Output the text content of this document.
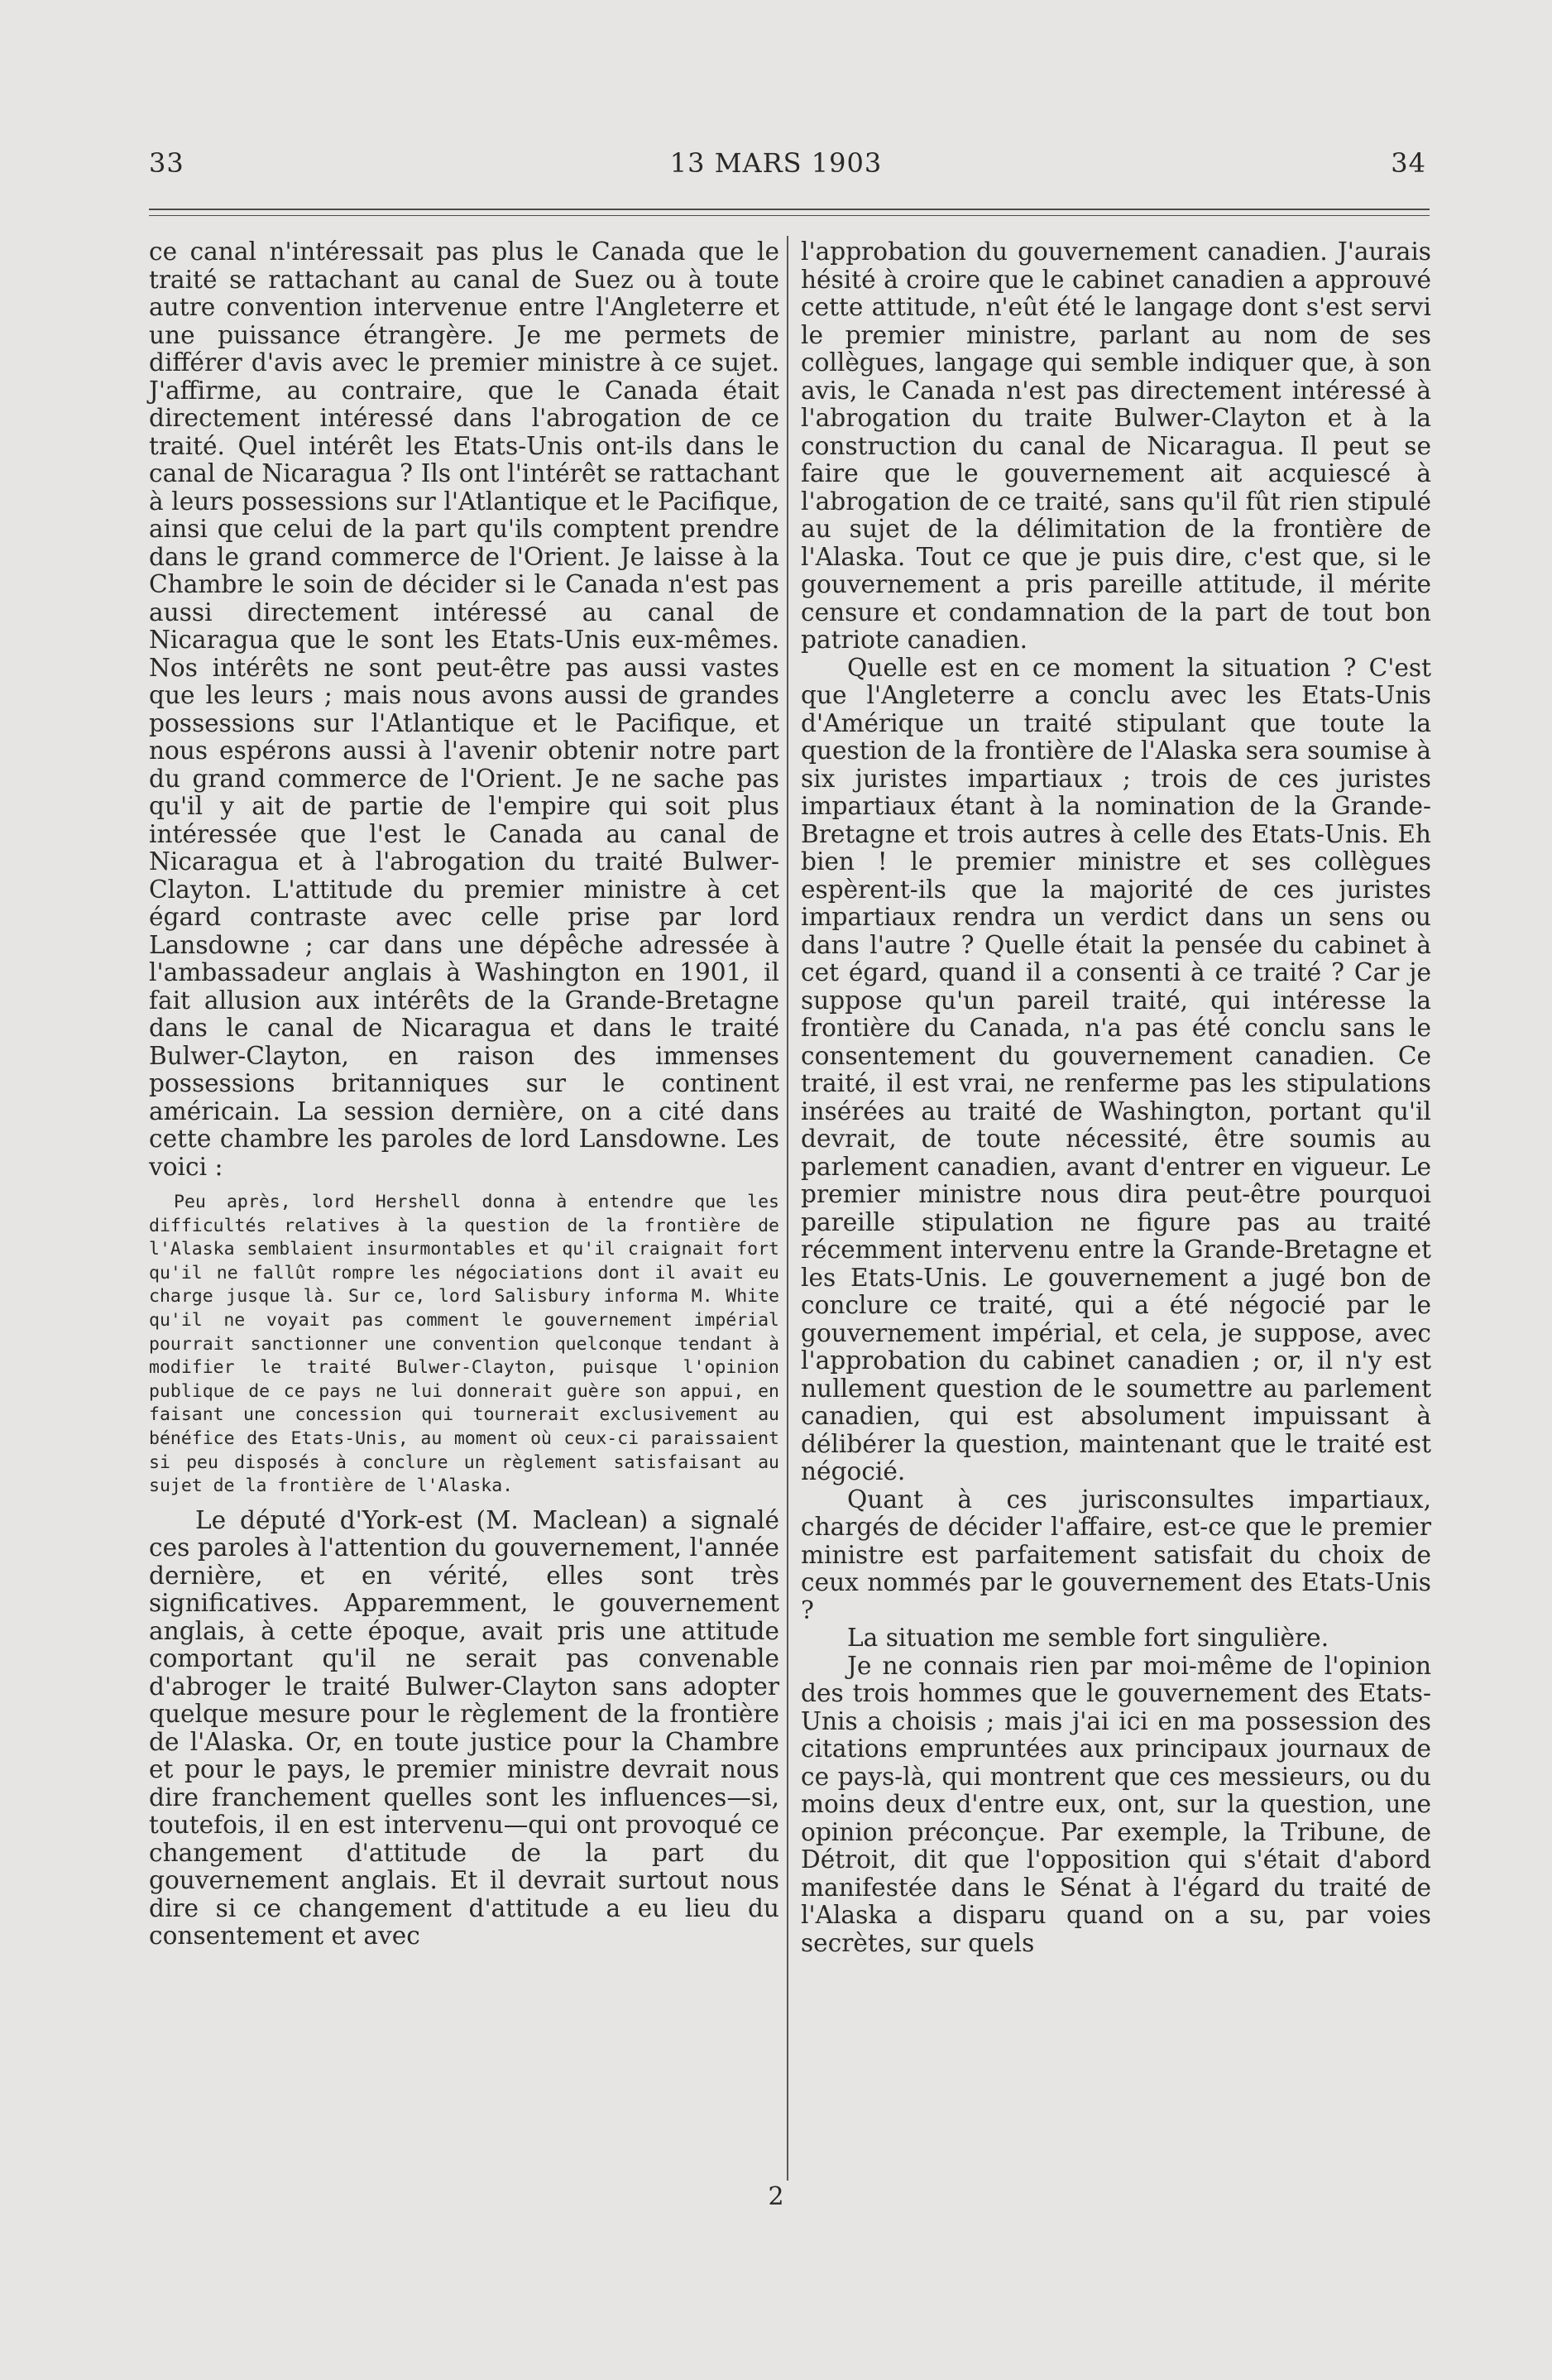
33	13 MARS 1903	34

ce canal n'intéressait pas plus le Canada que le traité se rattachant au canal de Suez ou à toute autre convention intervenue entre l'Angleterre et une puissance étrangère. Je me permets de différer d'avis avec le premier ministre à ce sujet. J'affirme, au contraire, que le Canada était directement intéressé dans l'abrogation de ce traité. Quel intérêt les Etats-Unis ont-ils dans le canal de Nicaragua ? Ils ont l'intérêt se rattachant à leurs possessions sur l'Atlantique et le Pacifique, ainsi que celui de la part qu'ils comptent prendre dans le grand commerce de l'Orient. Je laisse à la Chambre le soin de décider si le Canada n'est pas aussi directement intéressé au canal de Nicaragua que le sont les Etats-Unis eux-mêmes. Nos intérêts ne sont peut-être pas aussi vastes que les leurs ; mais nous avons aussi de grandes possessions sur l'Atlantique et le Pacifique, et nous espérons aussi à l'avenir obtenir notre part du grand commerce de l'Orient. Je ne sache pas qu'il y ait de partie de l'empire qui soit plus intéressée que l'est le Canada au canal de Nicaragua et à l'abrogation du traité Bulwer-Clayton. L'attitude du premier ministre à cet égard contraste avec celle prise par lord Lansdowne ; car dans une dépêche adressée à l'ambassadeur anglais à Washington en 1901, il fait allusion aux intérêts de la Grande-Bretagne dans le canal de Nicaragua et dans le traité Bulwer-Clayton, en raison des immenses possessions britanniques sur le continent américain. La session dernière, on a cité dans cette chambre les paroles de lord Lansdowne. Les voici :

Peu après, lord Hershell donna à entendre que les difficultés relatives à la question de la frontière de l'Alaska semblaient insurmontables et qu'il craignait fort qu'il ne fallût rompre les négociations dont il avait eu charge jusque là. Sur ce, lord Salisbury informa M. White qu'il ne voyait pas comment le gouvernement impérial pourrait sanctionner une convention quelconque tendant à modifier le traité Bulwer-Clayton, puisque l'opinion publique de ce pays ne lui donnerait guère son appui, en faisant une concession qui tournerait exclusivement au bénéfice des Etats-Unis, au moment où ceux-ci paraissaient si peu disposés à conclure un règlement satisfaisant au sujet de la frontière de l'Alaska.

Le député d'York-est (M. Maclean) a signalé ces paroles à l'attention du gouvernement, l'année dernière, et en vérité, elles sont très significatives. Apparemment, le gouvernement anglais, à cette époque, avait pris une attitude comportant qu'il ne serait pas convenable d'abroger le traité Bulwer-Clayton sans adopter quelque mesure pour le règlement de la frontière de l'Alaska. Or, en toute justice pour la Chambre et pour le pays, le premier ministre devrait nous dire franchement quelles sont les influences—si, toutefois, il en est intervenu—qui ont provoqué ce changement d'attitude de la part du gouvernement anglais. Et il devrait surtout nous dire si ce changement d'attitude a eu lieu du consentement et avec

l'approbation du gouvernement canadien. J'aurais hésité à croire que le cabinet canadien a approuvé cette attitude, n'eût été le langage dont s'est servi le premier ministre, parlant au nom de ses collègues, langage qui semble indiquer que, à son avis, le Canada n'est pas directement intéressé à l'abrogation du traite Bulwer-Clayton et à la construction du canal de Nicaragua. Il peut se faire que le gouvernement ait acquiescé à l'abrogation de ce traité, sans qu'il fût rien stipulé au sujet de la délimitation de la frontière de l'Alaska. Tout ce que je puis dire, c'est que, si le gouvernement a pris pareille attitude, il mérite censure et condamnation de la part de tout bon patriote canadien.

Quelle est en ce moment la situation ? C'est que l'Angleterre a conclu avec les Etats-Unis d'Amérique un traité stipulant que toute la question de la frontière de l'Alaska sera soumise à six juristes impartiaux ; trois de ces juristes impartiaux étant à la nomination de la Grande-Bretagne et trois autres à celle des Etats-Unis. Eh bien ! le premier ministre et ses collègues espèrent-ils que la majorité de ces juristes impartiaux rendra un verdict dans un sens ou dans l'autre ? Quelle était la pensée du cabinet à cet égard, quand il a consenti à ce traité ? Car je suppose qu'un pareil traité, qui intéresse la frontière du Canada, n'a pas été conclu sans le consentement du gouvernement canadien. Ce traité, il est vrai, ne renferme pas les stipulations insérées au traité de Washington, portant qu'il devrait, de toute nécessité, être soumis au parlement canadien, avant d'entrer en vigueur. Le premier ministre nous dira peut-être pourquoi pareille stipulation ne figure pas au traité récemment intervenu entre la Grande-Bretagne et les Etats-Unis. Le gouvernement a jugé bon de conclure ce traité, qui a été négocié par le gouvernement impérial, et cela, je suppose, avec l'approbation du cabinet canadien ; or, il n'y est nullement question de le soumettre au parlement canadien, qui est absolument impuissant à délibérer la question, maintenant que le traité est négocié.

Quant à ces jurisconsultes impartiaux, chargés de décider l'affaire, est-ce que le premier ministre est parfaitement satisfait du choix de ceux nommés par le gouvernement des Etats-Unis ?

La situation me semble fort singulière.

Je ne connais rien par moi-même de l'opinion des trois hommes que le gouvernement des Etats-Unis a choisis ; mais j'ai ici en ma possession des citations empruntées aux principaux journaux de ce pays-là, qui montrent que ces messieurs, ou du moins deux d'entre eux, ont, sur la question, une opinion préconçue. Par exemple, la Tribune, de Détroit, dit que l'opposition qui s'était d'abord manifestée dans le Sénat à l'égard du traité de l'Alaska a disparu quand on a su, par voies secrètes, sur quels

2
